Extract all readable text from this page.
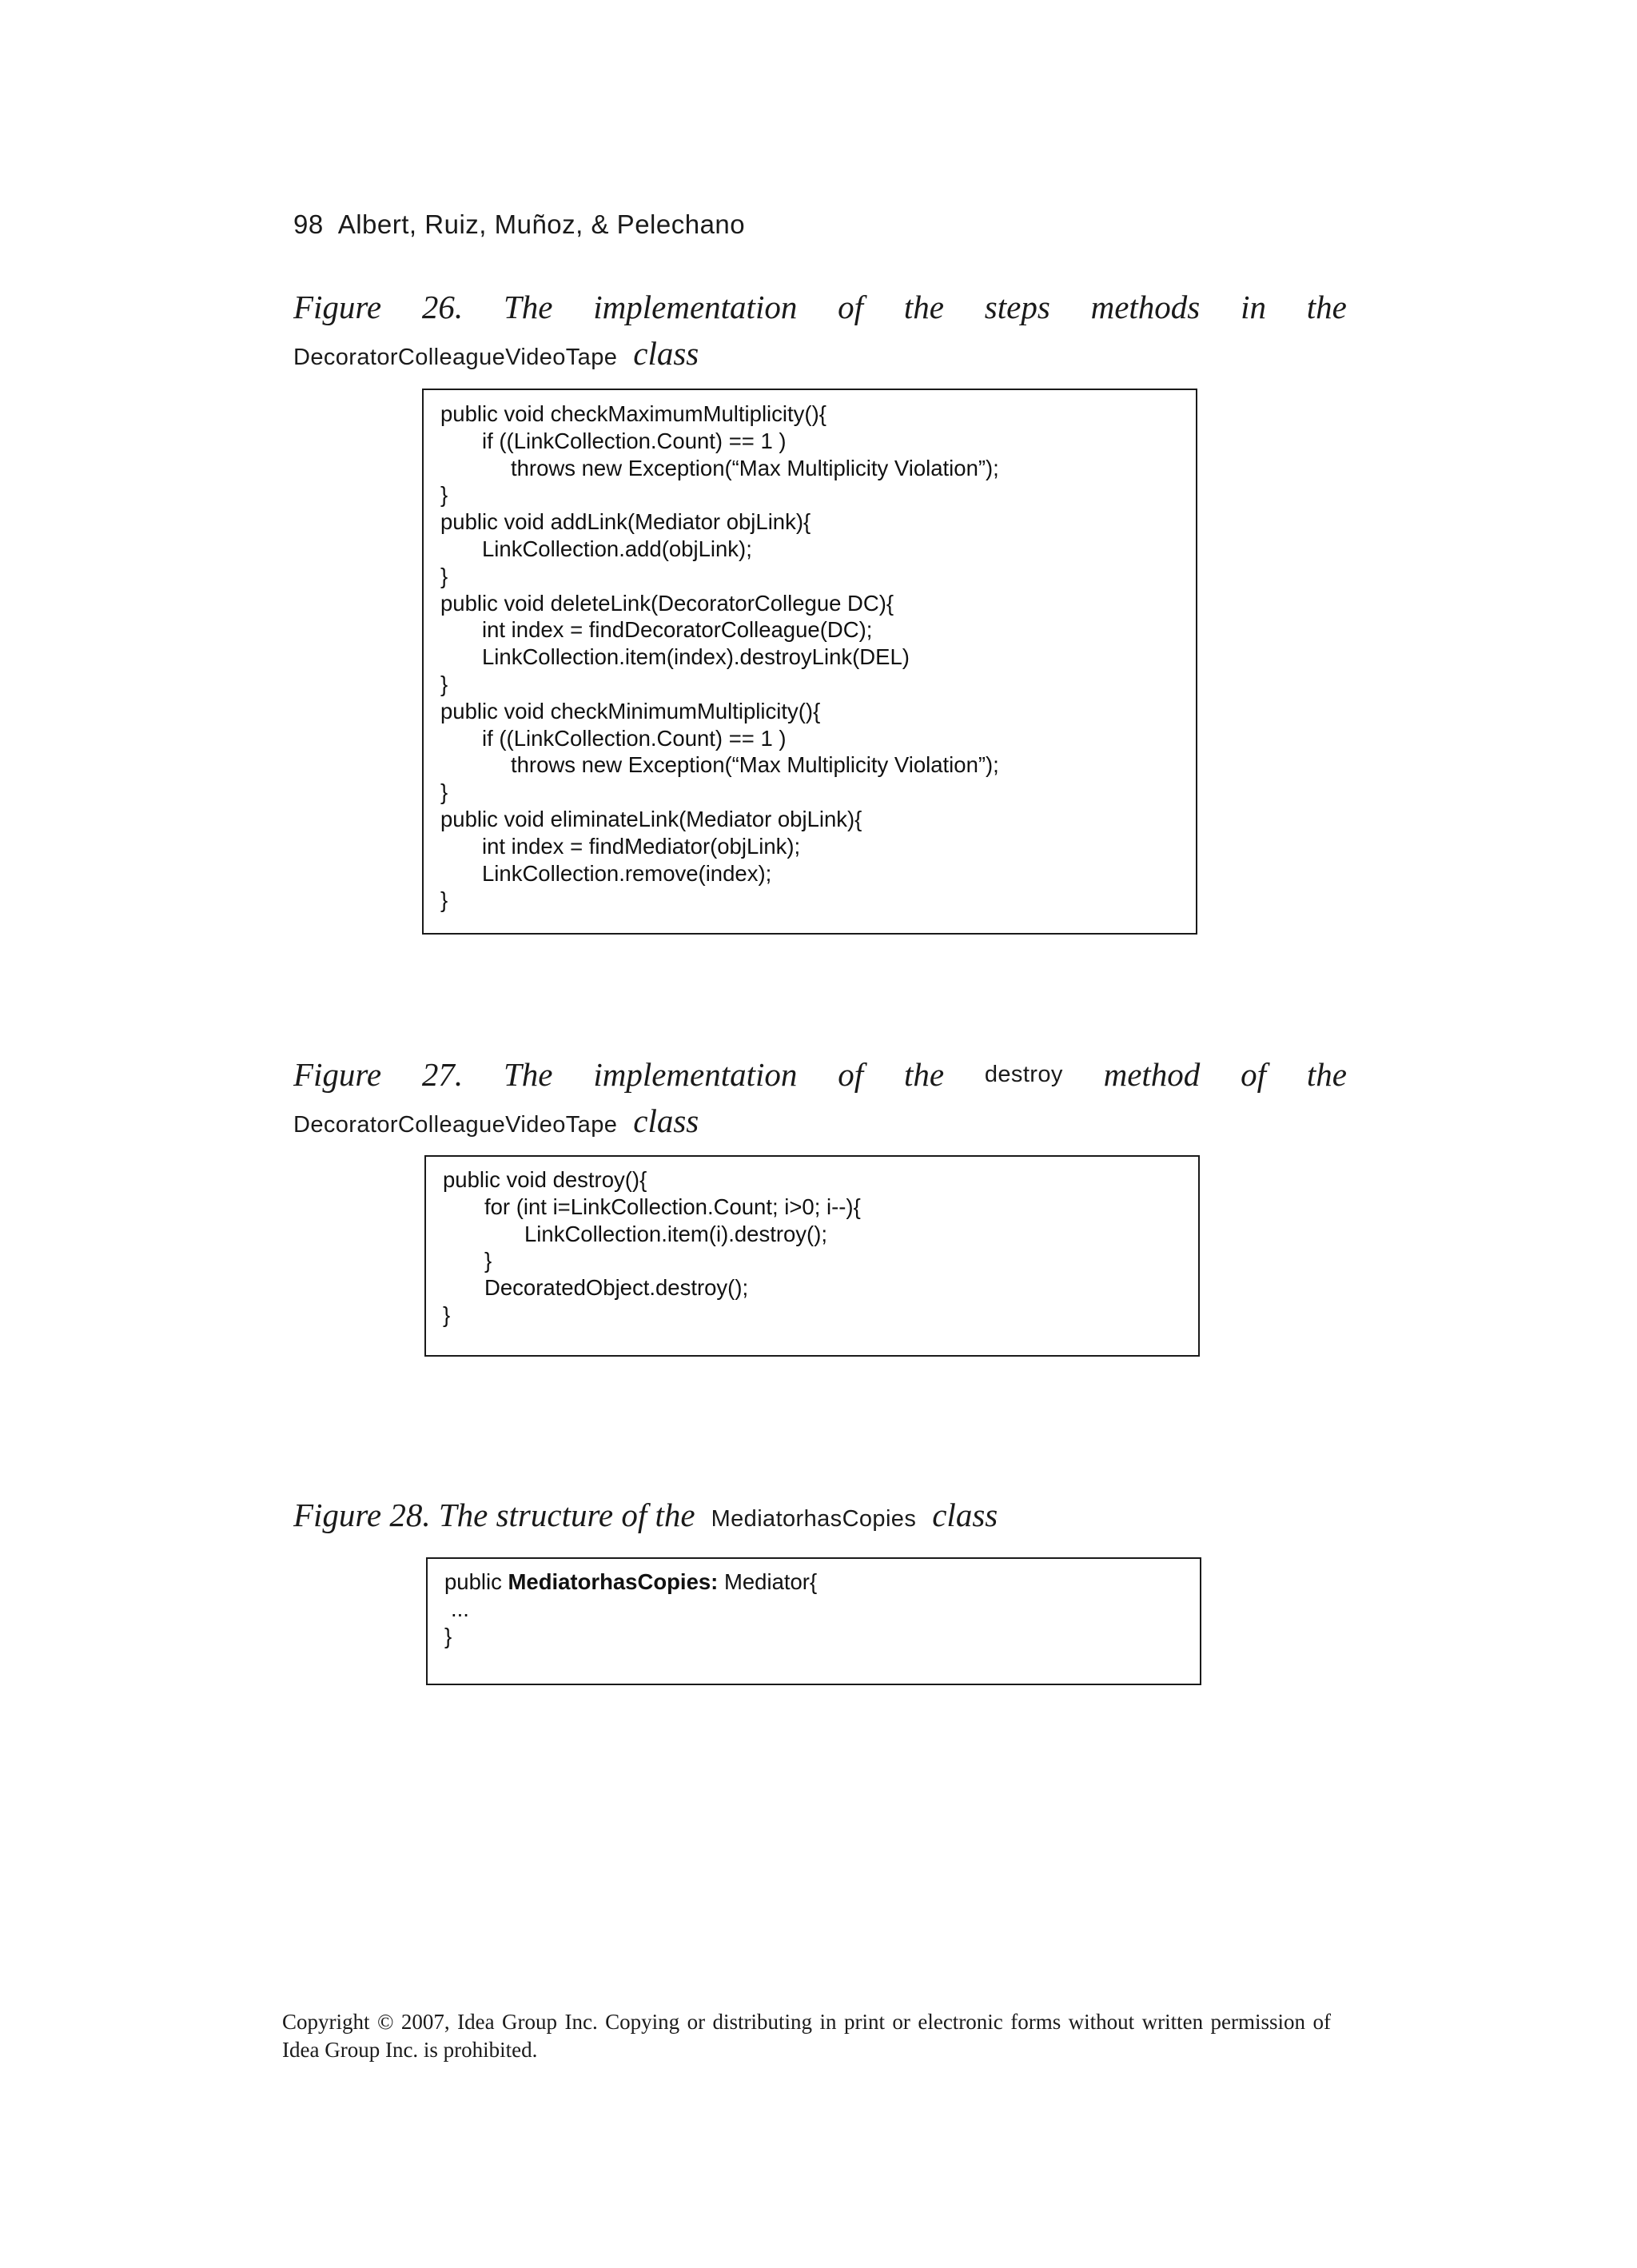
98 Albert, Ruiz, Muñoz, & Pelechano
Figure 26. The implementation of the steps methods in the
DecoratorColleagueVideoTape class
public void checkMaximumMultiplicity(){
if ((LinkCollection.Count) == 1 )
throws new Exception(“Max Multiplicity Violation”);
}
public void addLink(Mediator objLink){
LinkCollection.add(objLink);
}
public void deleteLink(DecoratorCollegue DC){
int index = findDecoratorColleague(DC);
LinkCollection.item(index).destroyLink(DEL)
}
public void checkMinimumMultiplicity(){
if ((LinkCollection.Count) == 1 )
throws new Exception(“Max Multiplicity Violation”);
}
public void eliminateLink(Mediator objLink){
int index = findMediator(objLink);
LinkCollection.remove(index);
}
Figure 27. The implementation of the destroy method of the
DecoratorColleagueVideoTape class
public void destroy(){
for (int i=LinkCollection.Count; i>0; i--){
LinkCollection.item(i).destroy();
}
DecoratedObject.destroy();
}
Figure 28. The structure of the MediatorhasCopies class
public MediatorhasCopies: Mediator{
...
}
Copyright © 2007, Idea Group Inc. Copying or distributing in print or electronic forms without written permission of Idea Group Inc. is prohibited.
